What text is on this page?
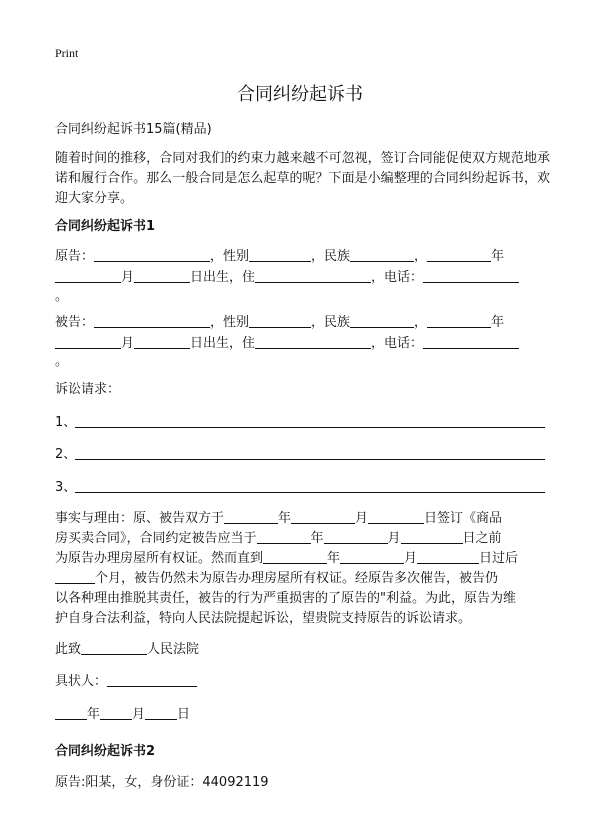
Print
合同纠纷起诉书
合同纠纷起诉书15篇(精品)
随着时间的推移，合同对我们的约束力越来越不可忽视，签订合同能促使双方规范地承诺和履行合作。那么一般合同是怎么起草的呢？下面是小编整理的合同纠纷起诉书，欢迎大家分享。
合同纠纷起诉书1
原告：	，性别	，民族	，	年
月	日出生，住	，电话：
。
被告：	，性别	，民族	，	年
月	日出生，住	，电话：
。
诉讼请求：
1、
2、
3、
事实与理由：原、被告双方于	年	月	日签订《商品
房买卖合同》，合同约定被告应当于	年	月	日之前
为原告办理房屋所有权证。然而直到	年	月	日过后
个月，被告仍然未为原告办理房屋所有权证。经原告多次催告，被告仍
以各种理由推脱其责任，被告的行为严重损害的了原告的"利益。为此，原告为维
护自身合法利益，特向人民法院提起诉讼，望贵院支持原告的诉讼请求。
此致	人民法院
具状人：
年 月 日
合同纠纷起诉书2
原告:阳某，女，身份证：44092119
